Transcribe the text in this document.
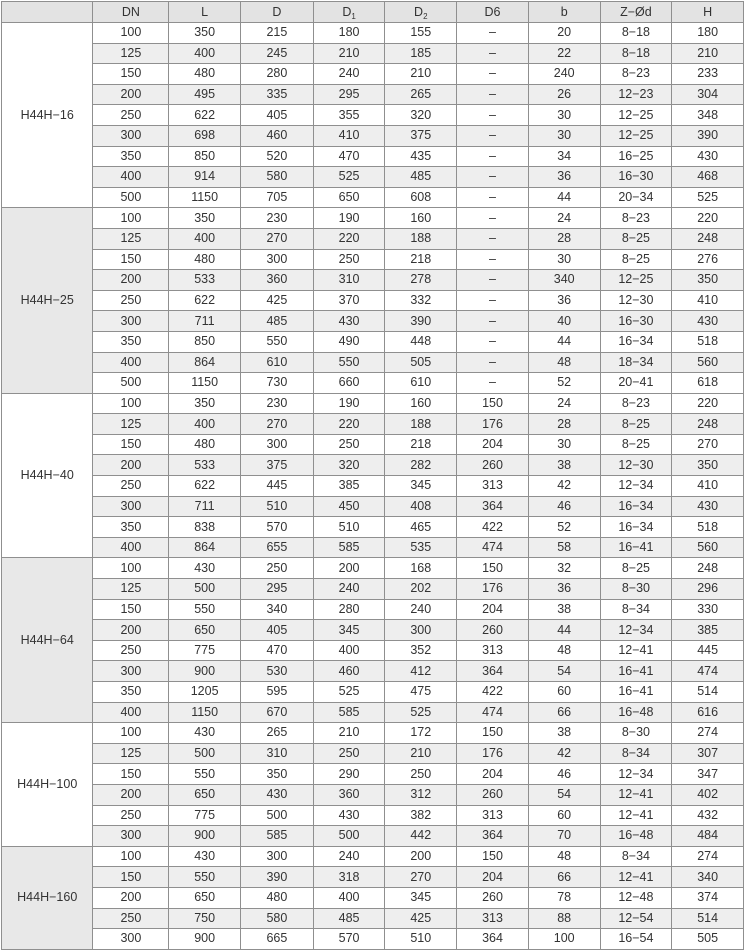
	DN	L	D	$D_1$	$D_2$	D6	b	Z−Ød	H
H44H−16	100	350	215	180	155	–	20	8−18	180
	125	400	245	210	185	–	22	8−18	210
	150	480	280	240	210	–	240	8−23	233
	200	495	335	295	265	–	26	12−23	304
	250	622	405	355	320	–	30	12−25	348
	300	698	460	410	375	–	30	12−25	390
	350	850	520	470	435	–	34	16−25	430
	400	914	580	525	485	–	36	16−30	468
	500	1150	705	650	608	–	44	20−34	525
H44H−25	100	350	230	190	160	–	24	8−23	220
	125	400	270	220	188	–	28	8−25	248
	150	480	300	250	218	–	30	8−25	276
	200	533	360	310	278	–	340	12−25	350
	250	622	425	370	332	–	36	12−30	410
	300	711	485	430	390	–	40	16−30	430
	350	850	550	490	448	–	44	16−34	518
	400	864	610	550	505	–	48	18−34	560
	500	1150	730	660	610	–	52	20−41	618
H44H−40	100	350	230	190	160	150	24	8−23	220
	125	400	270	220	188	176	28	8−25	248
	150	480	300	250	218	204	30	8−25	270
	200	533	375	320	282	260	38	12−30	350
	250	622	445	385	345	313	42	12−34	410
	300	711	510	450	408	364	46	16−34	430
	350	838	570	510	465	422	52	16−34	518
	400	864	655	585	535	474	58	16−41	560
H44H−64	100	430	250	200	168	150	32	8−25	248
	125	500	295	240	202	176	36	8−30	296
	150	550	340	280	240	204	38	8−34	330
	200	650	405	345	300	260	44	12−34	385
	250	775	470	400	352	313	48	12−41	445
	300	900	530	460	412	364	54	16−41	474
	350	1205	595	525	475	422	60	16−41	514
	400	1150	670	585	525	474	66	16−48	616
H44H−100	100	430	265	210	172	150	38	8−30	274
	125	500	310	250	210	176	42	8−34	307
	150	550	350	290	250	204	46	12−34	347
	200	650	430	360	312	260	54	12−41	402
	250	775	500	430	382	313	60	12−41	432
	300	900	585	500	442	364	70	16−48	484
H44H−160	100	430	300	240	200	150	48	8−34	274
	150	550	390	318	270	204	66	12−41	340
	200	650	480	400	345	260	78	12−48	374
	250	750	580	485	425	313	88	12−54	514
	300	900	665	570	510	364	100	16−54	505
